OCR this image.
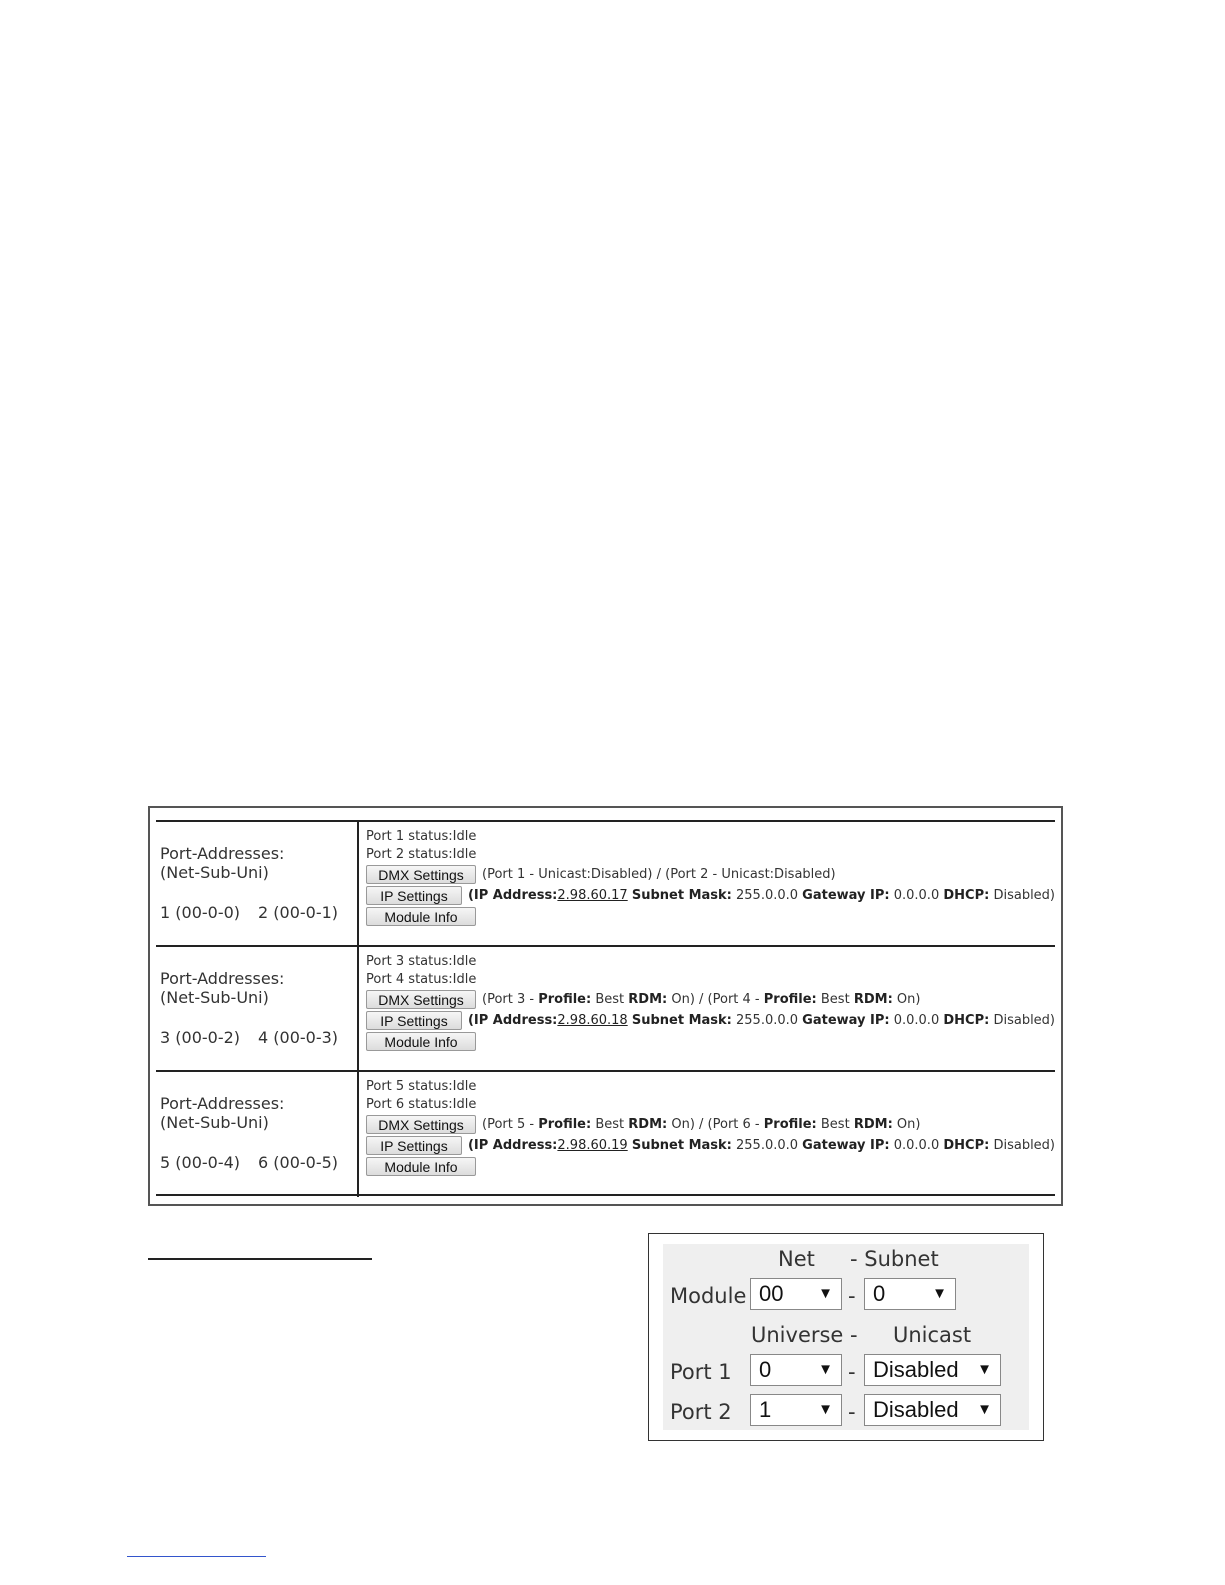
Port-Addresses:
(Net-Sub-Uni)
1 (00-0-0) 2 (00-0-1)
Port 1 status:Idle
Port 2 status:Idle
DMX Settings	(Port 1 - Unicast:Disabled) / (Port 2 - Unicast:Disabled)
IP Settings	(IP Address:2.98.60.17 Subnet Mask: 255.0.0.0 Gateway IP: 0.0.0.0 DHCP: Disabled)
Module Info
Port-Addresses:
(Net-Sub-Uni)
3 (00-0-2) 4 (00-0-3)
Port 3 status:Idle
Port 4 status:Idle
DMX Settings	(Port 3 - Profile: Best RDM: On) / (Port 4 - Profile: Best RDM: On)
IP Settings	(IP Address:2.98.60.18 Subnet Mask: 255.0.0.0 Gateway IP: 0.0.0.0 DHCP: Disabled)
Module Info
Port-Addresses:
(Net-Sub-Uni)
5 (00-0-4) 6 (00-0-5)
Port 5 status:Idle
Port 6 status:Idle
DMX Settings	(Port 5 - Profile: Best RDM: On) / (Port 6 - Profile: Best RDM: On)
IP Settings	(IP Address:2.98.60.19 Subnet Mask: 255.0.0.0 Gateway IP: 0.0.0.0 DHCP: Disabled)
Module Info
Net - Subnet
Module 00 ▼ - 0	▼
Universe - Unicast
Port 1	0	▼ - Disabled ▼
Port 2	1	▼ - Disabled ▼
